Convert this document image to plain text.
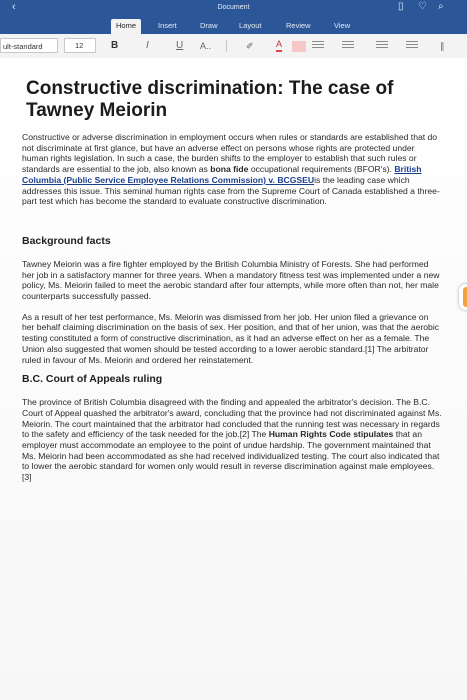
‹	Document	▯ ♡ ⌕
Home	Insert	Draw	Layout	Review	View
ult-standard	12	B	I	U A..	✐ A	∥
Constructive discrimination: The case of Tawney Meiorin

Constructive or adverse discrimination in employment occurs when rules or standards are established that do not discriminate at first glance, but have an adverse effect on persons whose rights are protected under human rights legislation. In such a case, the burden shifts to the employer to establish that such rules or standards are essential to the job, also known as bona fide occupational requirements (BFOR's). British Columbia (Public Service Employee Relations Commission) v. BCGSEUis the leading case which addresses this issue. This seminal human rights case from the Supreme Court of Canada established a three-part test which has become the standard to evaluate constructive discrimination.

Background facts

Tawney Meiorin was a fire fighter employed by the British Columbia Ministry of Forests. She had performed her job in a satisfactory manner for three years. When a mandatory fitness test was implemented under a new policy, Ms. Meiorin failed to meet the aerobic standard after four attempts, while more often than not, her male counterparts successfully passed.

As a result of her test performance, Ms. Meiorin was dismissed from her job. Her union filed a grievance on her behalf claiming discrimination on the basis of sex. Her position, and that of her union, was that the aerobic testing constituted a form of constructive discrimination, as it had an adverse effect on her as a female. The Union also suggested that women should be tested according to a lower aerobic standard.[1] The arbitrator ruled in favour of Ms. Meiorin and ordered her reinstatement.

B.C. Court of Appeals ruling

The province of British Columbia disagreed with the finding and appealed the arbitrator's decision. The B.C. Court of Appeal quashed the arbitrator's award, concluding that the province had not discriminated against Ms. Meiorin. The court maintained that the arbitrator had concluded that the running test was necessary in regards to the safety and efficiency of the task needed for the job.[2] The Human Rights Code stipulates that an employer must accommodate an employee to the point of undue hardship. The government maintained that Ms. Meiorin had been accommodated as she had received individualized testing. The court also indicated that to lower the aerobic standard for women only would result in reverse discrimination against male employees.[3]
